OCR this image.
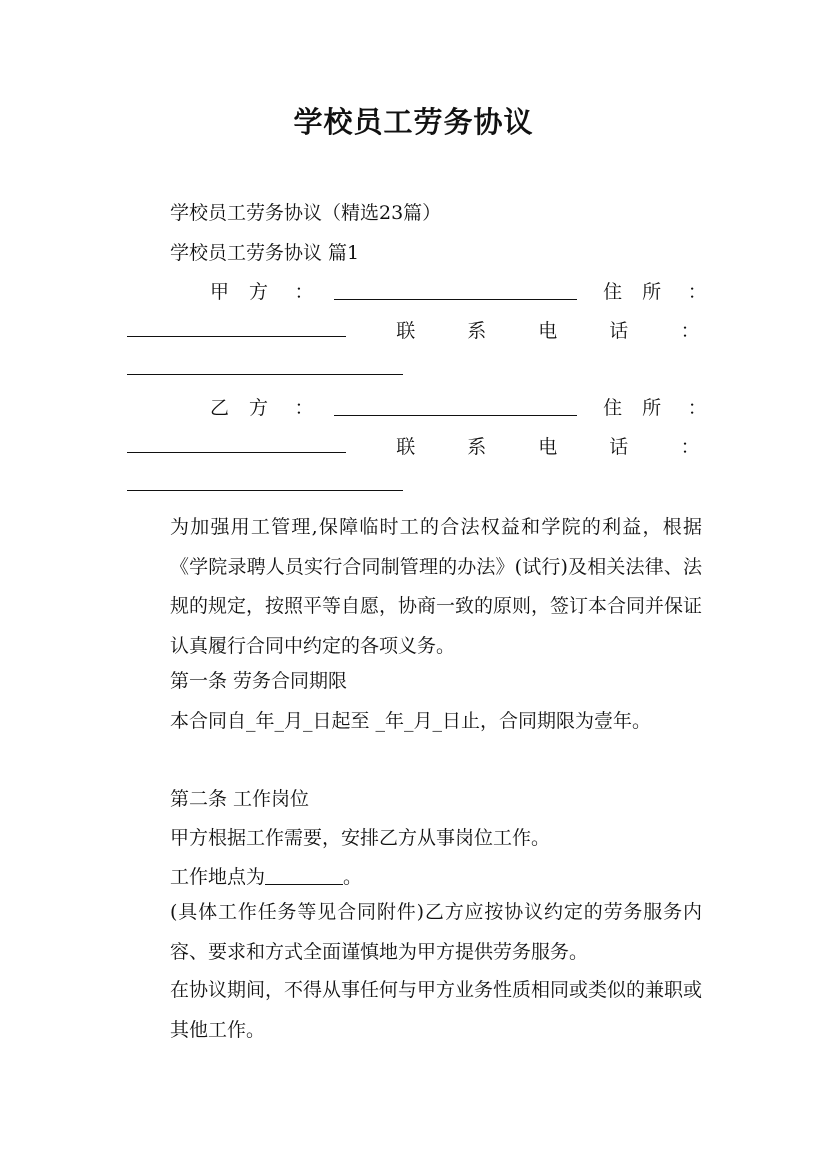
学校员工劳务协议
学校员工劳务协议（精选23篇）
学校员工劳务协议 篇1
甲方 ：	住所 ：
联系电话 ：
乙方 ：	住所 ：
联系电话 ：
为加强用工管理,保障临时工的合法权益和学院的利益，根据《学院录聘人员实行合同制管理的办法》(试行)及相关法律、法规的规定，按照平等自愿，协商一致的原则，签订本合同并保证认真履行合同中约定的各项义务。
第一条 劳务合同期限
本合同自_年_月_日起至 _年_月_日止，合同期限为壹年。
第二条 工作岗位
甲方根据工作需要，安排乙方从事岗位工作。
工作地点为	。
(具体工作任务等见合同附件)乙方应按协议约定的劳务服务内容、要求和方式全面谨慎地为甲方提供劳务服务。
在协议期间，不得从事任何与甲方业务性质相同或类似的兼职或其他工作。
